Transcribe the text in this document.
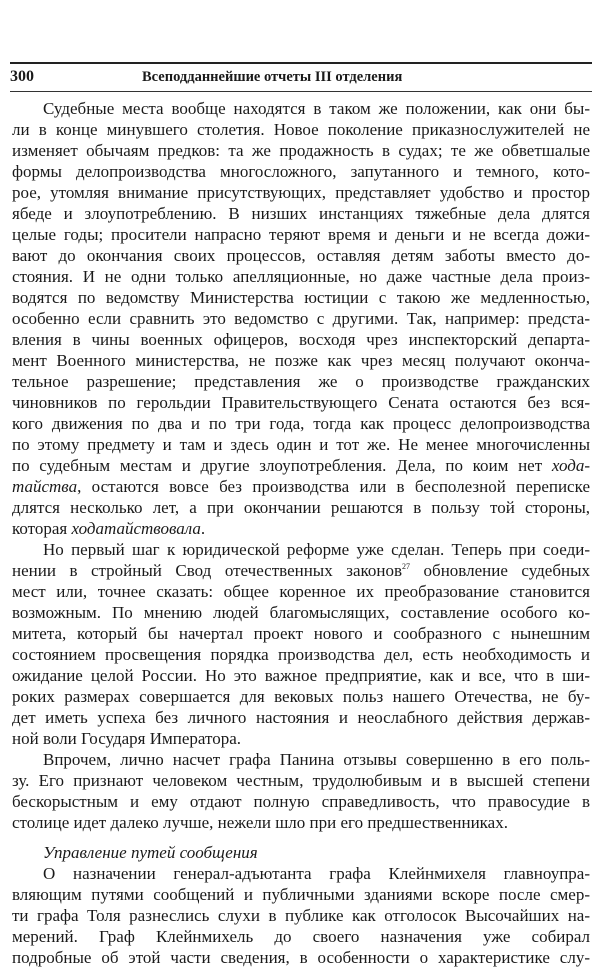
300	Всеподданнейшие отчеты III отделения
Судебные места вообще находятся в таком же положении, как они бы-
ли в конце минувшего столетия. Новое поколение приказнослужителей не
изменяет обычаям предков: та же продажность в судах; те же обветшалые
формы делопроизводства многосложного, запутанного и темного, кото-
рое, утомляя внимание присутствующих, представляет удобство и простор
ябеде и злоупотреблению. В низших инстанциях тяжебные дела длятся
целые годы; просители напрасно теряют время и деньги и не всегда дожи-
вают до окончания своих процессов, оставляя детям заботы вместо до-
стояния. И не одни только апелляционные, но даже частные дела произ-
водятся по ведомству Министерства юстиции с такою же медленностью,
особенно если сравнить это ведомство с другими. Так, например: предста-
вления в чины военных офицеров, восходя чрез инспекторский департа-
мент Военного министерства, не позже как чрез месяц получают оконча-
тельное разрешение; представления же о производстве гражданских
чиновников по герольдии Правительствующего Сената остаются без вся-
кого движения по два и по три года, тогда как процесс делопроизводства
по этому предмету и там и здесь один и тот же. Не менее многочисленны
по судебным местам и другие злоупотребления. Дела, по коим нет хода-
тайства, остаются вовсе без производства или в бесполезной переписке
длятся несколько лет, а при окончании решаются в пользу той стороны,
которая ходатайствовала.
Но первый шаг к юридической реформе уже сделан. Теперь при соеди-
нении в стройный Свод отечественных законов$^{27}$ обновление судебных
мест или, точнее сказать: общее коренное их преобразование становится
возможным. По мнению людей благомыслящих, составление особого ко-
митета, который бы начертал проект нового и сообразного с нынешним
состоянием просвещения порядка производства дел, есть необходимость и
ожидание целой России. Но это важное предприятие, как и все, что в ши-
роких размерах совершается для вековых польз нашего Отечества, не бу-
дет иметь успеха без личного настояния и неослабного действия держав-
ной воли Государя Императора.
Впрочем, лично насчет графа Панина отзывы совершенно в его поль-
зу. Его признают человеком честным, трудолюбивым и в высшей степени
бескорыстным и ему отдают полную справедливость, что правосудие в
столице идет далеко лучше, нежели шло при его предшественниках.
Управление путей сообщения
О назначении генерал-адъютанта графа Клейнмихеля главноупра-
вляющим путями сообщений и публичными зданиями вскоре после смер-
ти графа Толя разнеслись слухи в публике как отголосок Высочайших на-
мерений. Граф Клейнмихель до своего назначения уже собирал
подробные об этой части сведения, в особенности о характеристике слу-
